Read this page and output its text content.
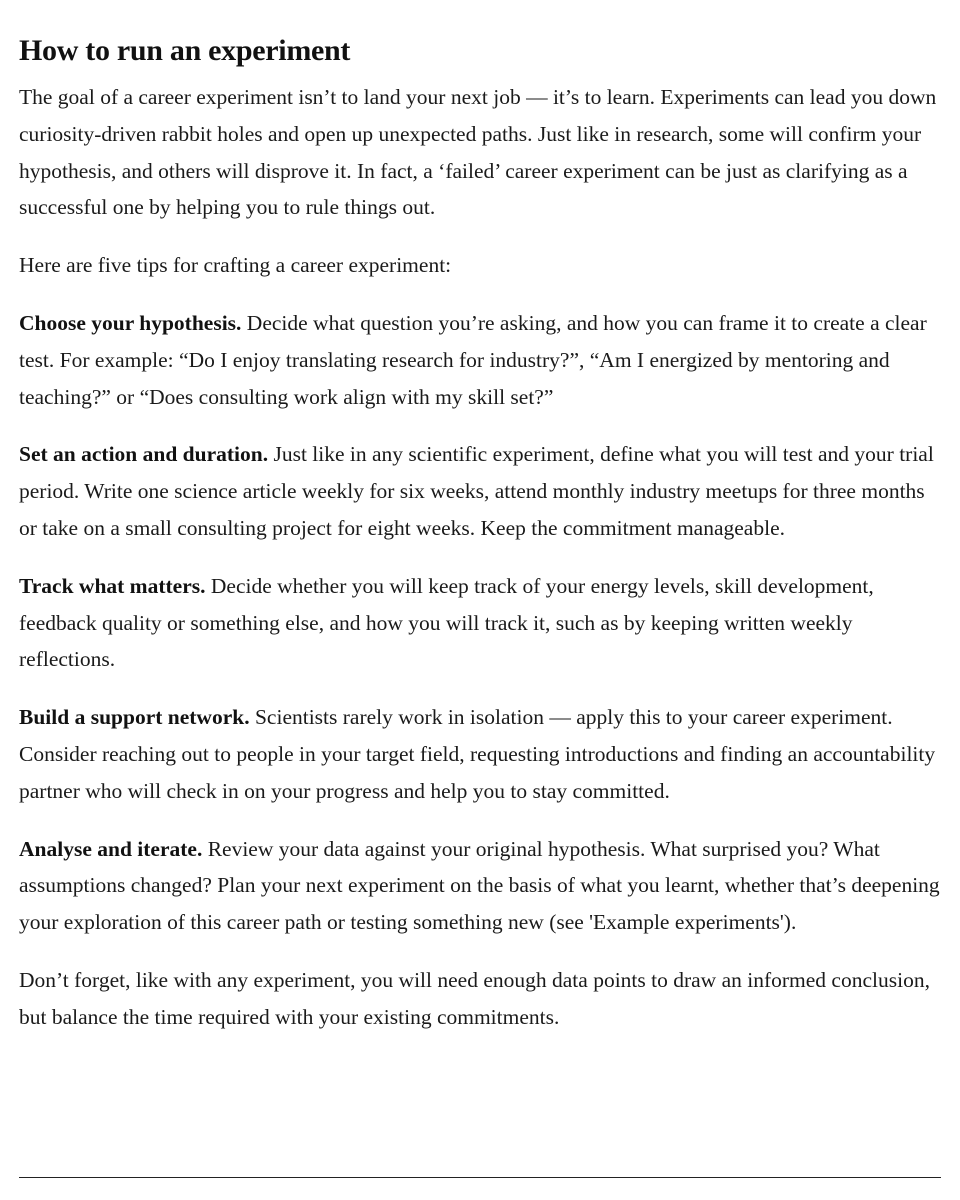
How to run an experiment

The goal of a career experiment isn’t to land your next job — it’s to learn. Experiments can lead you down curiosity-driven rabbit holes and open up unexpected paths. Just like in research, some will confirm your hypothesis, and others will disprove it. In fact, a ‘failed’ career experiment can be just as clarifying as a successful one by helping you to rule things out.

Here are five tips for crafting a career experiment:

Choose your hypothesis. Decide what question you’re asking, and how you can frame it to create a clear test. For example: “Do I enjoy translating research for industry?”, “Am I energized by mentoring and teaching?” or “Does consulting work align with my skill set?”

Set an action and duration. Just like in any scientific experiment, define what you will test and your trial period. Write one science article weekly for six weeks, attend monthly industry meetups for three months or take on a small consulting project for eight weeks. Keep the commitment manageable.

Track what matters. Decide whether you will keep track of your energy levels, skill development, feedback quality or something else, and how you will track it, such as by keeping written weekly reflections.

Build a support network. Scientists rarely work in isolation — apply this to your career experiment. Consider reaching out to people in your target field, requesting introductions and finding an accountability partner who will check in on your progress and help you to stay committed.

Analyse and iterate. Review your data against your original hypothesis. What surprised you? What assumptions changed? Plan your next experiment on the basis of what you learnt, whether that’s deepening your exploration of this career path or testing something new (see 'Example experiments').

Don’t forget, like with any experiment, you will need enough data points to draw an informed conclusion, but balance the time required with your existing commitments.
